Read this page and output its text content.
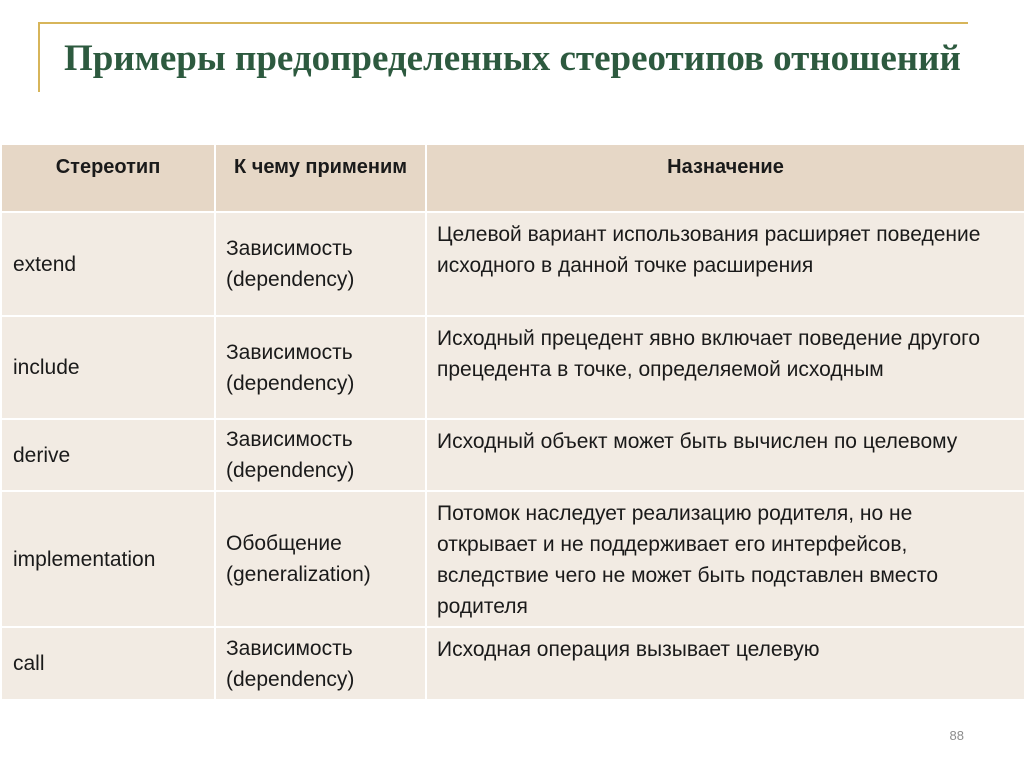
Примеры предопределенных стереотипов отношений
Стереотип	К чему применим	Назначение
extend	Зависимость (dependency)	Целевой вариант использования расширяет поведение исходного в данной точке расширения
include	Зависимость (dependency)	Исходный прецедент явно включает поведение другого прецедента в точке, определяемой исходным
derive	Зависимость (dependency)	Исходный объект может быть вычислен по целевому
implementation	Обобщение (generalization)	Потомок наследует реализацию родителя, но не открывает и не поддерживает его интерфейсов, вследствие чего не может быть подставлен вместо родителя
call	Зависимость (dependency)	Исходная операция вызывает целевую
88
